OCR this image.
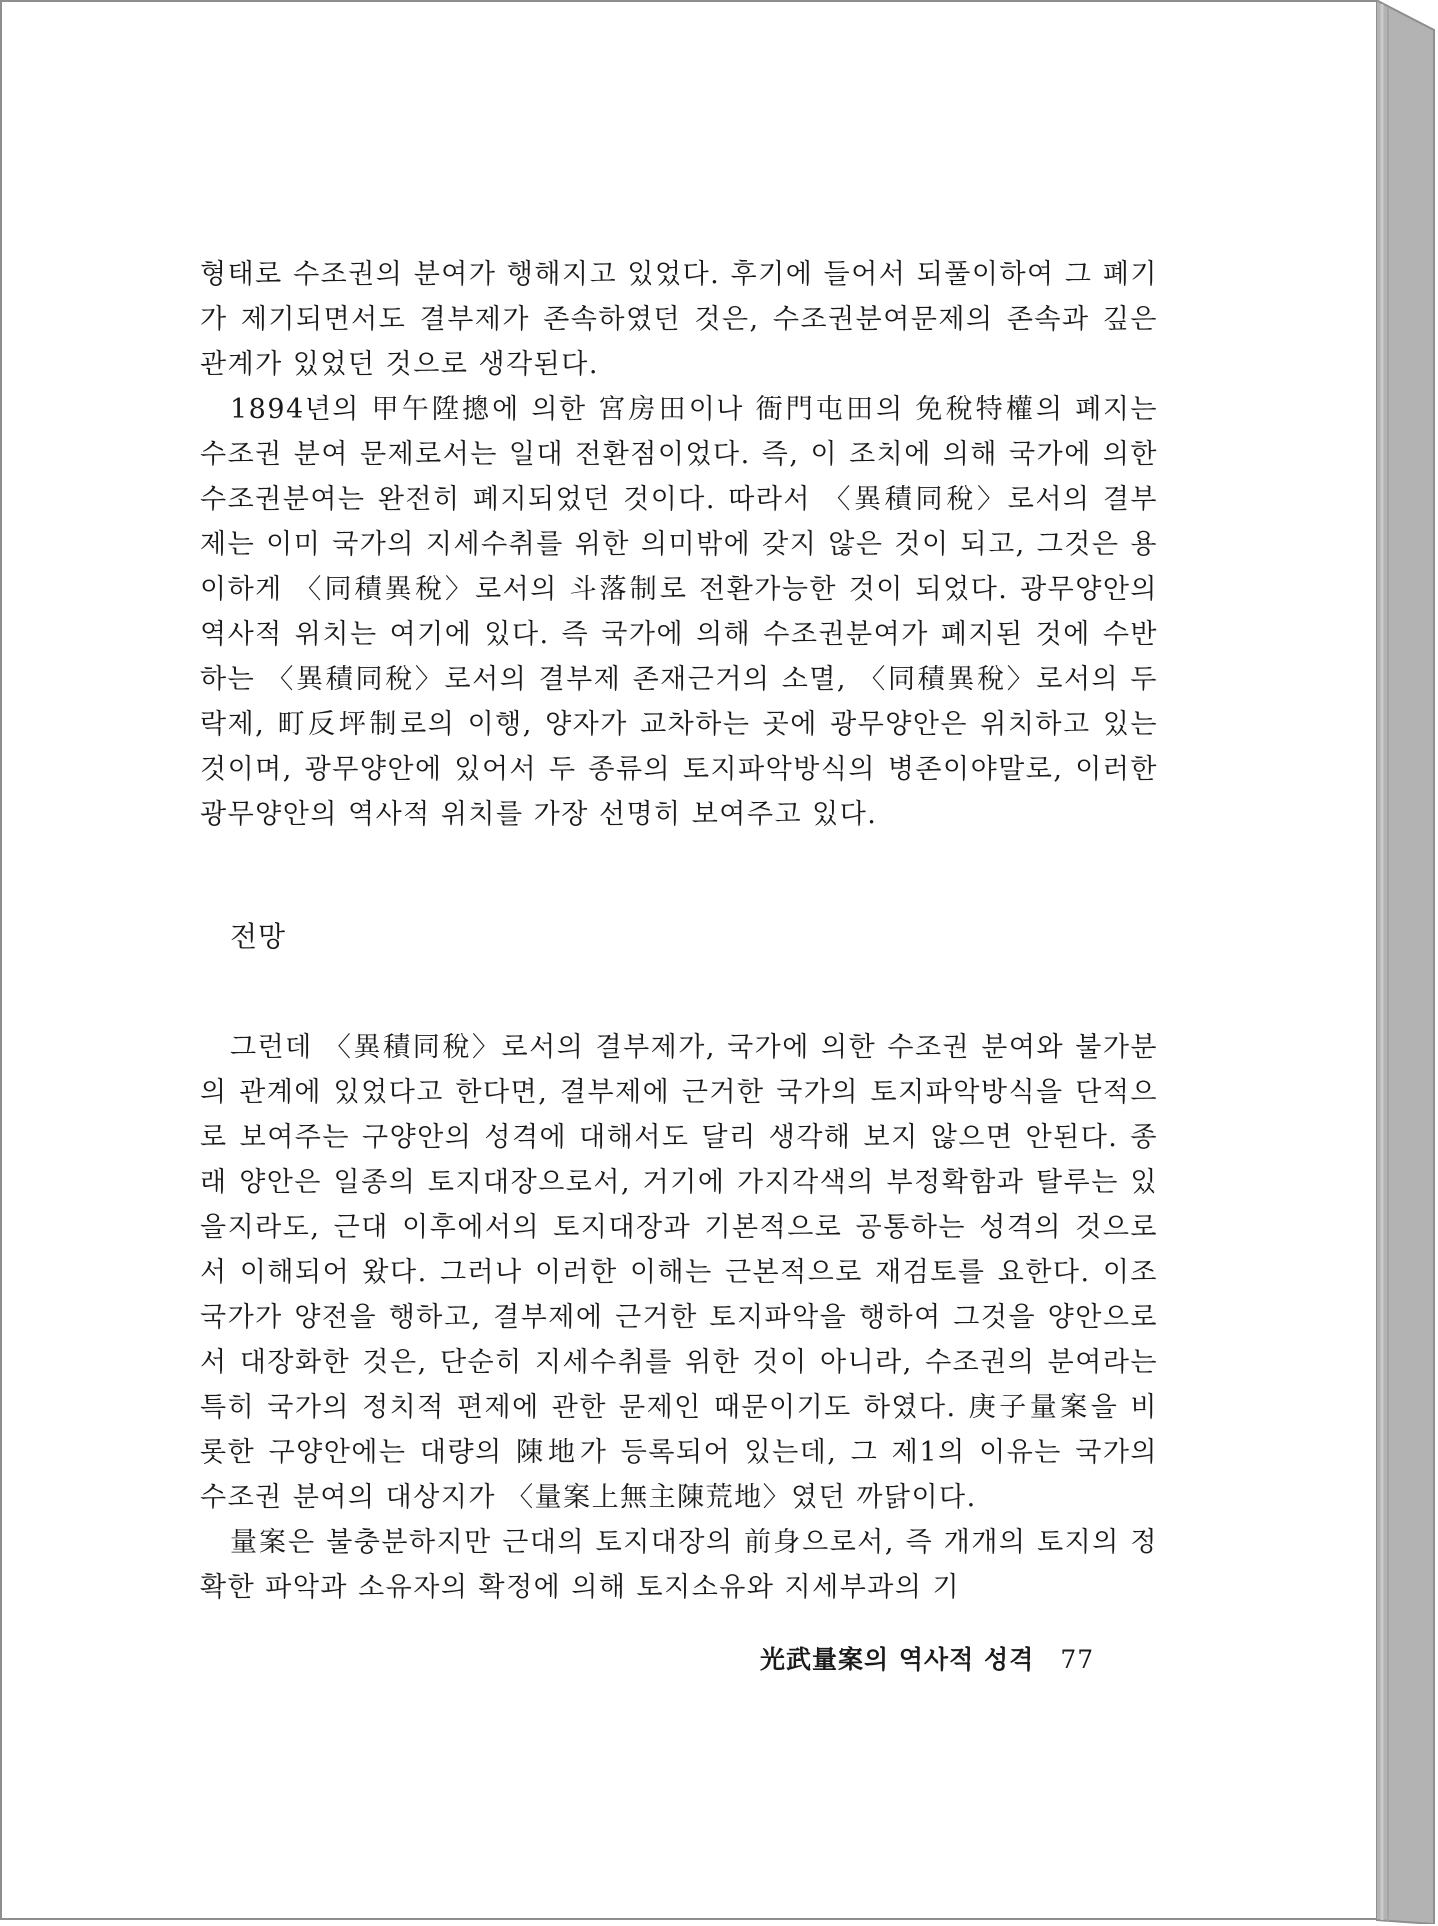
형태로 수조권의 분여가 행해지고 있었다. 후기에 들어서 되풀이하여 그 폐기가 제기되면서도 결부제가 존속하였던 것은, 수조권분여문제의 존속과 깊은 관계가 있었던 것으로 생각된다.

1894년의 甲午陞摠에 의한 宮房田이나 衙門屯田의 免稅特權의 폐지는 수조권 분여 문제로서는 일대 전환점이었다. 즉, 이 조치에 의해 국가에 의한 수조권분여는 완전히 폐지되었던 것이다. 따라서 〈異積同稅〉로서의 결부제는 이미 국가의 지세수취를 위한 의미밖에 갖지 않은 것이 되고, 그것은 용이하게 〈同積異稅〉로서의 斗落制로 전환가능한 것이 되었다. 광무양안의 역사적 위치는 여기에 있다. 즉 국가에 의해 수조권분여가 폐지된 것에 수반하는 〈異積同稅〉로서의 결부제 존재근거의 소멸, 〈同積異稅〉로서의 두락제, 町反坪制로의 이행, 양자가 교차하는 곳에 광무양안은 위치하고 있는 것이며, 광무양안에 있어서 두 종류의 토지파악방식의 병존이야말로, 이러한 광무양안의 역사적 위치를 가장 선명히 보여주고 있다.

전망

그런데 〈異積同稅〉로서의 결부제가, 국가에 의한 수조권 분여와 불가분의 관계에 있었다고 한다면, 결부제에 근거한 국가의 토지파악방식을 단적으로 보여주는 구양안의 성격에 대해서도 달리 생각해 보지 않으면 안된다. 종래 양안은 일종의 토지대장으로서, 거기에 가지각색의 부정확함과 탈루는 있을지라도, 근대 이후에서의 토지대장과 기본적으로 공통하는 성격의 것으로서 이해되어 왔다. 그러나 이러한 이해는 근본적으로 재검토를 요한다. 이조국가가 양전을 행하고, 결부제에 근거한 토지파악을 행하여 그것을 양안으로서 대장화한 것은, 단순히 지세수취를 위한 것이 아니라, 수조권의 분여라는 특히 국가의 정치적 편제에 관한 문제인 때문이기도 하였다. 庚子量案을 비롯한 구양안에는 대량의 陳地가 등록되어 있는데, 그 제1의 이유는 국가의 수조권 분여의 대상지가 〈量案上無主陳荒地〉였던 까닭이다.

量案은 불충분하지만 근대의 토지대장의 前身으로서, 즉 개개의 토지의 정확한 파악과 소유자의 확정에 의해 토지소유와 지세부과의 기

光武量案의 역사적 성격 77
